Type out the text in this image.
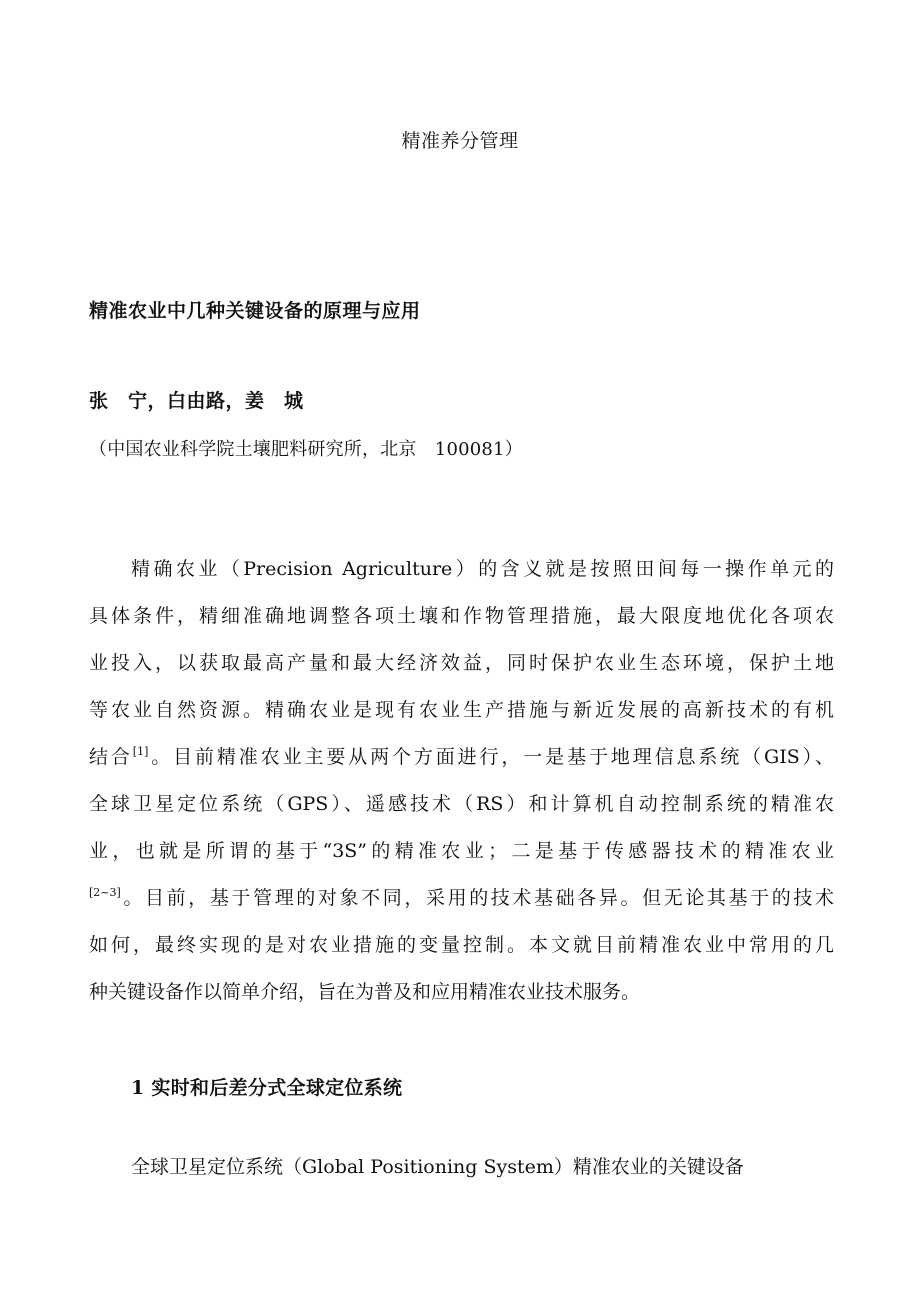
精准养分管理
精准农业中几种关键设备的原理与应用
张　宁，白由路，姜　城
（中国农业科学院土壤肥料研究所，北京　100081）
精确农业（Precision Agriculture）的含义就是按照田间每一操作单元的
具体条件，精细准确地调整各项土壤和作物管理措施，最大限度地优化各项农
业投入，以获取最高产量和最大经济效益，同时保护农业生态环境，保护土地
等农业自然资源。精确农业是现有农业生产措施与新近发展的高新技术的有机
结合[1]。目前精准农业主要从两个方面进行，一是基于地理信息系统（GIS）、
全球卫星定位系统（GPS）、遥感技术（RS）和计算机自动控制系统的精准农
业，也就是所谓的基于“3S”的精准农业；二是基于传感器技术的精准农业
[2~3]。目前，基于管理的对象不同，采用的技术基础各异。但无论其基于的技术
如何，最终实现的是对农业措施的变量控制。本文就目前精准农业中常用的几
种关键设备作以简单介绍，旨在为普及和应用精准农业技术服务。
1 实时和后差分式全球定位系统
全球卫星定位系统（Global Positioning System）精准农业的关键设备
